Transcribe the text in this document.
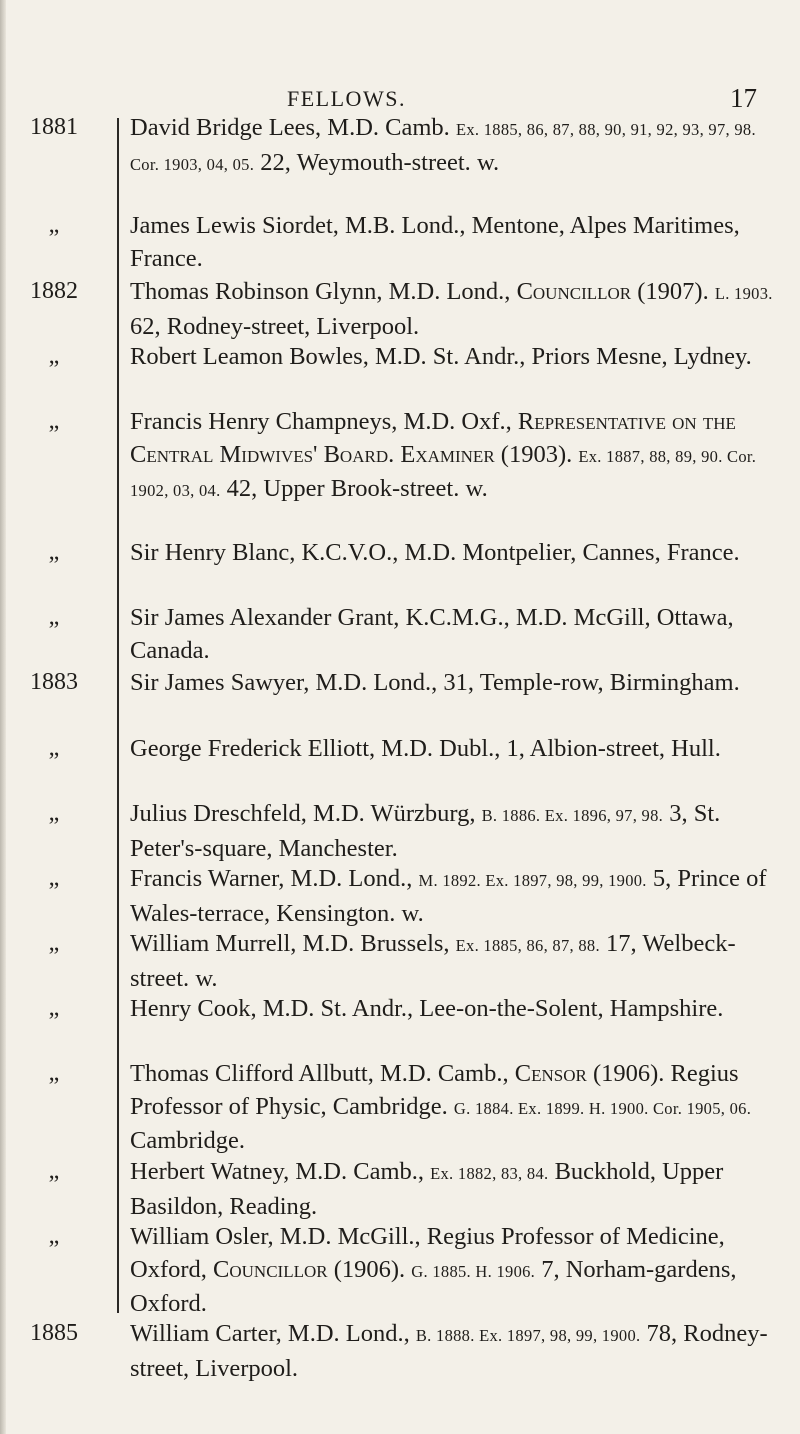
FELLOWS.	17
1881	David Bridge Lees, M.D. Camb. Ex. 1885, 86, 87, 88, 90, 91, 92, 93, 97, 98. Cor. 1903, 04, 05. 22, Weymouth-street. w.
„	James Lewis Siordet, M.B. Lond., Mentone, Alpes Maritimes, France.
1882	Thomas Robinson Glynn, M.D. Lond., Councillor (1907). L. 1903. 62, Rodney-street, Liverpool.
„	Robert Leamon Bowles, M.D. St. Andr., Priors Mesne, Lydney.
„	Francis Henry Champneys, M.D. Oxf., Representative on the Central Midwives' Board. Examiner (1903). Ex. 1887, 88, 89, 90. Cor. 1902, 03, 04. 42, Upper Brook-street. w.
„	Sir Henry Blanc, K.C.V.O., M.D. Montpelier, Cannes, France.
„	Sir James Alexander Grant, K.C.M.G., M.D. McGill, Ottawa, Canada.
1883	Sir James Sawyer, M.D. Lond., 31, Temple-row, Birmingham.
„	George Frederick Elliott, M.D. Dubl., 1, Albion-street, Hull.
„	Julius Dreschfeld, M.D. Würzburg, B. 1886. Ex. 1896, 97, 98. 3, St. Peter's-square, Manchester.
„	Francis Warner, M.D. Lond., M. 1892. Ex. 1897, 98, 99, 1900. 5, Prince of Wales-terrace, Kensington. w.
„	William Murrell, M.D. Brussels, Ex. 1885, 86, 87, 88. 17, Welbeck-street. w.
„	Henry Cook, M.D. St. Andr., Lee-on-the-Solent, Hampshire.
„	Thomas Clifford Allbutt, M.D. Camb., Censor (1906). Regius Professor of Physic, Cambridge. G. 1884. Ex. 1899. H. 1900. Cor. 1905, 06. Cambridge.
„	Herbert Watney, M.D. Camb., Ex. 1882, 83, 84. Buckhold, Upper Basildon, Reading.
„	William Osler, M.D. McGill., Regius Professor of Medicine, Oxford, Councillor (1906). G. 1885. H. 1906. 7, Norham-gardens, Oxford.
1885	William Carter, M.D. Lond., B. 1888. Ex. 1897, 98, 99, 1900. 78, Rodney-street, Liverpool.
